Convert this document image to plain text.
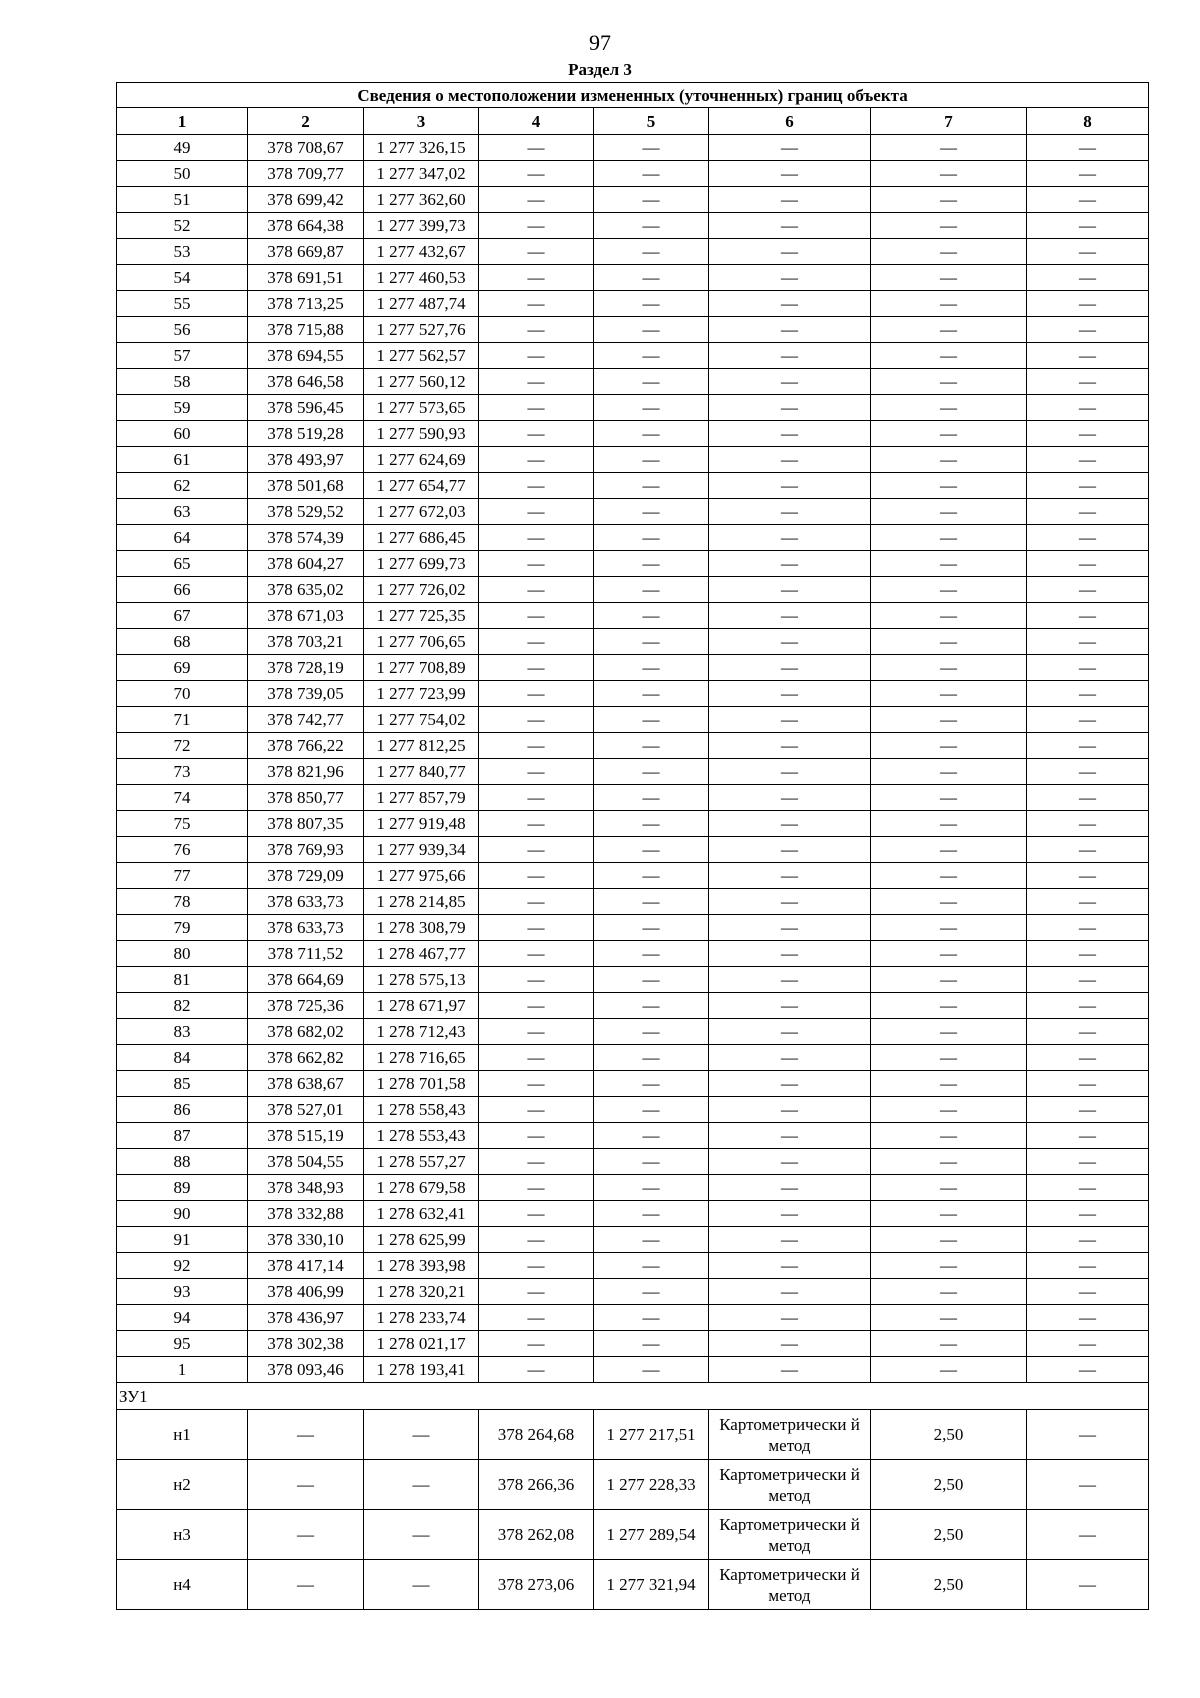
97
Раздел 3
Сведения о местоположении измененных (уточненных) границ объекта							
1	2	3	4	5	6	7	8
49	378 708,67	1 277 326,15	—	—	—	—	—
50	378 709,77	1 277 347,02	—	—	—	—	—
51	378 699,42	1 277 362,60	—	—	—	—	—
52	378 664,38	1 277 399,73	—	—	—	—	—
53	378 669,87	1 277 432,67	—	—	—	—	—
54	378 691,51	1 277 460,53	—	—	—	—	—
55	378 713,25	1 277 487,74	—	—	—	—	—
56	378 715,88	1 277 527,76	—	—	—	—	—
57	378 694,55	1 277 562,57	—	—	—	—	—
58	378 646,58	1 277 560,12	—	—	—	—	—
59	378 596,45	1 277 573,65	—	—	—	—	—
60	378 519,28	1 277 590,93	—	—	—	—	—
61	378 493,97	1 277 624,69	—	—	—	—	—
62	378 501,68	1 277 654,77	—	—	—	—	—
63	378 529,52	1 277 672,03	—	—	—	—	—
64	378 574,39	1 277 686,45	—	—	—	—	—
65	378 604,27	1 277 699,73	—	—	—	—	—
66	378 635,02	1 277 726,02	—	—	—	—	—
67	378 671,03	1 277 725,35	—	—	—	—	—
68	378 703,21	1 277 706,65	—	—	—	—	—
69	378 728,19	1 277 708,89	—	—	—	—	—
70	378 739,05	1 277 723,99	—	—	—	—	—
71	378 742,77	1 277 754,02	—	—	—	—	—
72	378 766,22	1 277 812,25	—	—	—	—	—
73	378 821,96	1 277 840,77	—	—	—	—	—
74	378 850,77	1 277 857,79	—	—	—	—	—
75	378 807,35	1 277 919,48	—	—	—	—	—
76	378 769,93	1 277 939,34	—	—	—	—	—
77	378 729,09	1 277 975,66	—	—	—	—	—
78	378 633,73	1 278 214,85	—	—	—	—	—
79	378 633,73	1 278 308,79	—	—	—	—	—
80	378 711,52	1 278 467,77	—	—	—	—	—
81	378 664,69	1 278 575,13	—	—	—	—	—
82	378 725,36	1 278 671,97	—	—	—	—	—
83	378 682,02	1 278 712,43	—	—	—	—	—
84	378 662,82	1 278 716,65	—	—	—	—	—
85	378 638,67	1 278 701,58	—	—	—	—	—
86	378 527,01	1 278 558,43	—	—	—	—	—
87	378 515,19	1 278 553,43	—	—	—	—	—
88	378 504,55	1 278 557,27	—	—	—	—	—
89	378 348,93	1 278 679,58	—	—	—	—	—
90	378 332,88	1 278 632,41	—	—	—	—	—
91	378 330,10	1 278 625,99	—	—	—	—	—
92	378 417,14	1 278 393,98	—	—	—	—	—
93	378 406,99	1 278 320,21	—	—	—	—	—
94	378 436,97	1 278 233,74	—	—	—	—	—
95	378 302,38	1 278 021,17	—	—	—	—	—
1	378 093,46	1 278 193,41	—	—	—	—	—
ЗУ1							
н1	—	—	378 264,68	1 277 217,51	Картометрически й метод	2,50	—
н2	—	—	378 266,36	1 277 228,33	Картометрически й метод	2,50	—
н3	—	—	378 262,08	1 277 289,54	Картометрически й метод	2,50	—
н4	—	—	378 273,06	1 277 321,94	Картометрически й метод	2,50	—
